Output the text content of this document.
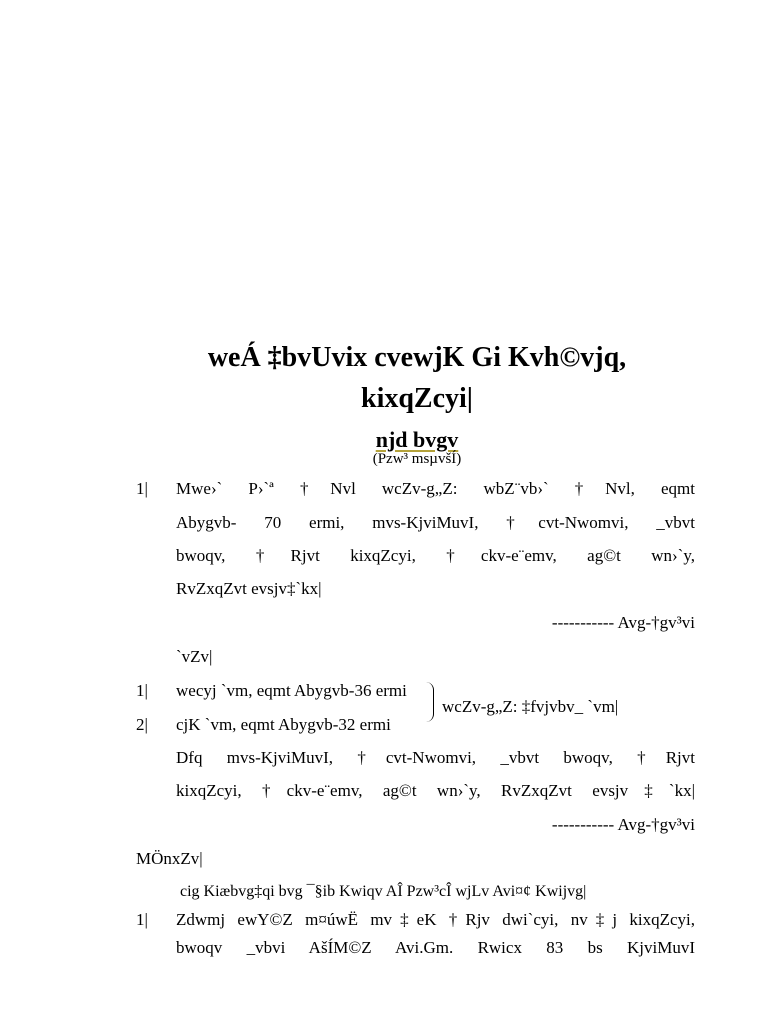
weÁ ‡bvUvix cvewjK Gi Kvh©vjq,
kixqZcyi|
njd bvgv
(Pzw³ msµvšÍ)
1| Mwe›` P›`ª †Nvl wcZv-g„Z: wbZ¨vb›` †Nvl, eqmt
Abygvb- 70 ermi, mvs-KjviMuvI, †cvt-Nwomvi, _vbvt
bwoqv, †Rjvt kixqZcyi, †ckv-e¨emv, ag©t wn›`y,
RvZxqZvt evsjv‡`kx|
----------- Avg-†gv³vi
`vZv|
1| wecyj `vm, eqmt Abygvb-36 ermi
2| cjK `vm, eqmt Abygvb-32 ermi
wcZv-g„Z: ‡fvjvbv_ `vm|
Dfq mvs-KjviMuvI, †cvt-Nwomvi, _vbvt bwoqv, †Rjvt
kixqZcyi, †ckv-e¨emv, ag©t wn›`y, RvZxqZvt evsjv‡`kx|
----------- Avg-†gv³vi
MÖnxZv|
cig Kiæbvg‡qi bvg ¯§ib Kwiqv AÎ Pzw³cÎ wjLv Avi¤¢ Kwijvg|
1| Zdwmj ewY©Z m¤úwË mv‡eK †Rjv dwi`cyi, nv‡j kixqZcyi,
bwoqv _vbvi AšÍM©Z Avi.Gm. Rwicx 83 bs KjviMuvI
